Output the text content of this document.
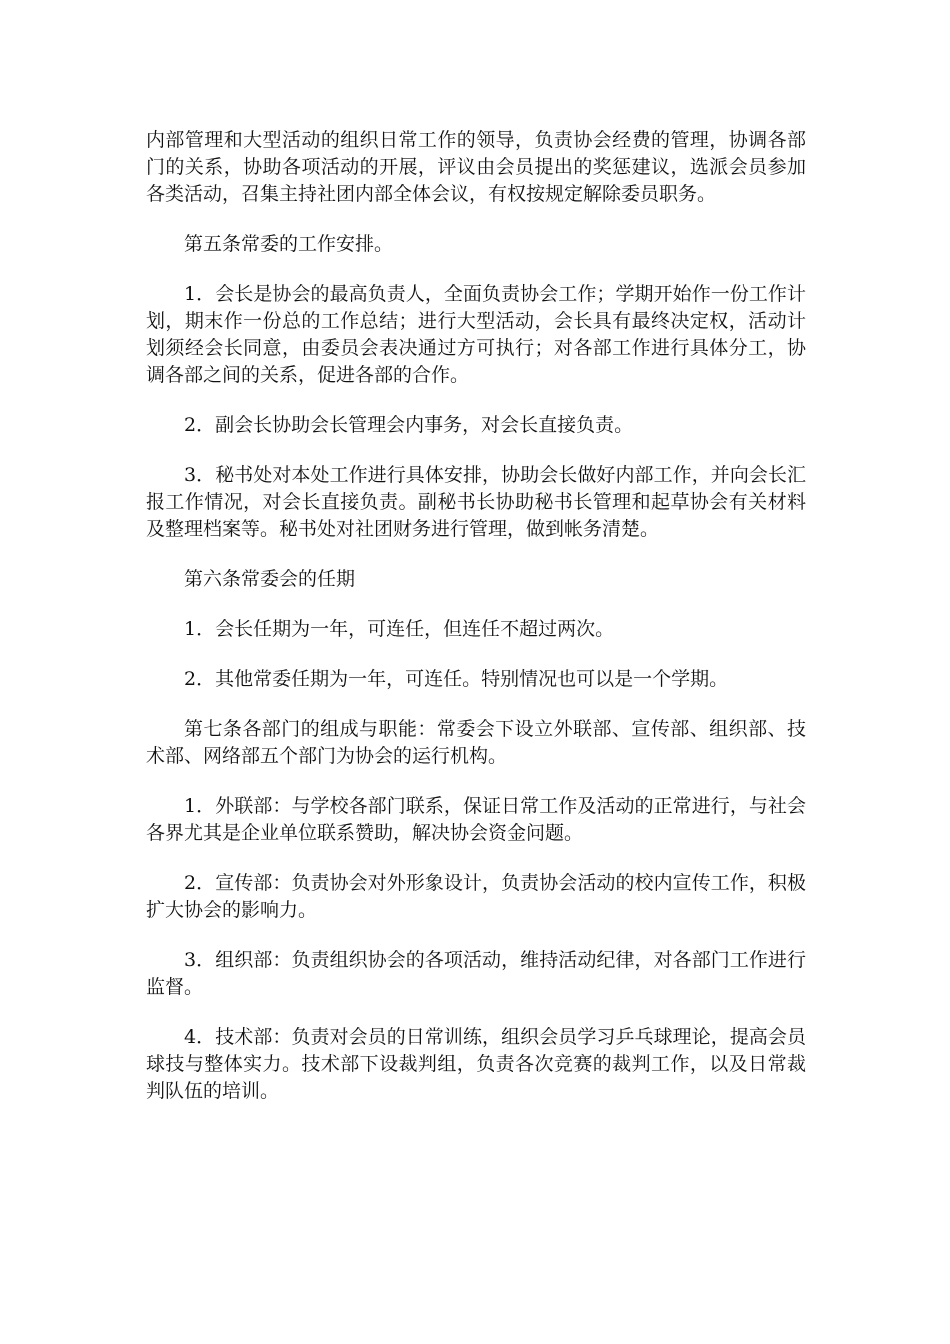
内部管理和大型活动的组织日常工作的领导，负责协会经费的管理，协调各部门的关系，协助各项活动的开展，评议由会员提出的奖惩建议，选派会员参加各类活动，召集主持社团内部全体会议，有权按规定解除委员职务。

第五条常委的工作安排。

1．会长是协会的最高负责人，全面负责协会工作；学期开始作一份工作计划，期末作一份总的工作总结；进行大型活动，会长具有最终决定权，活动计划须经会长同意，由委员会表决通过方可执行；对各部工作进行具体分工，协调各部之间的关系，促进各部的合作。

2．副会长协助会长管理会内事务，对会长直接负责。

3．秘书处对本处工作进行具体安排，协助会长做好内部工作，并向会长汇报工作情况，对会长直接负责。副秘书长协助秘书长管理和起草协会有关材料及整理档案等。秘书处对社团财务进行管理，做到帐务清楚。

第六条常委会的任期

1．会长任期为一年，可连任，但连任不超过两次。

2．其他常委任期为一年，可连任。特别情况也可以是一个学期。

第七条各部门的组成与职能：常委会下设立外联部、宣传部、组织部、技术部、网络部五个部门为协会的运行机构。

1．外联部：与学校各部门联系，保证日常工作及活动的正常进行，与社会各界尤其是企业单位联系赞助，解决协会资金问题。

2．宣传部：负责协会对外形象设计，负责协会活动的校内宣传工作，积极扩大协会的影响力。

3．组织部：负责组织协会的各项活动，维持活动纪律，对各部门工作进行监督。

4．技术部：负责对会员的日常训练，组织会员学习乒乓球理论，提高会员球技与整体实力。技术部下设裁判组，负责各次竞赛的裁判工作，以及日常裁判队伍的培训。
